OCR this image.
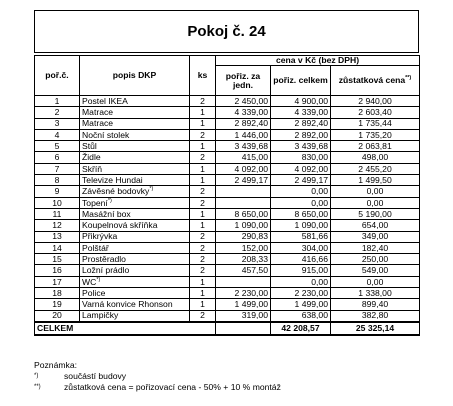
Pokoj č. 24
poř.č.	popis DKP	ks	cena v Kč (bez DPH)		
			pořiz. za jedn.	pořiz. celkem	zůstatková cena**)
1	Postel IKEA	2	2 450,00	4 900,00	2 940,00
2	Matrace	1	4 339,00	4 339,00	2 603,40
3	Matrace	1	2 892,40	2 892,40	1 735,44
4	Noční stolek	2	1 446,00	2 892,00	1 735,20
5	Stůl	1	3 439,68	3 439,68	2 063,81
6	Židle	2	415,00	830,00	498,00
7	Skříň	1	4 092,00	4 092,00	2 455,20
8	Televize Hundai	1	2 499,17	2 499,17	1 499,50
9	Závěsné bodovky*)	2		0,00	0,00
10	Topení*)	2		0,00	0,00
11	Masážní box	1	8 650,00	8 650,00	5 190,00
12	Koupelnová skříňka	1	1 090,00	1 090,00	654,00
13	Přikrývka	2	290,83	581,66	349,00
14	Polštář	2	152,00	304,00	182,40
15	Prostěradlo	2	208,33	416,66	250,00
16	Ložní prádlo	2	457,50	915,00	549,00
17	WC*)	1		0,00	0,00
18	Police	1	2 230,00	2 230,00	1 338,00
19	Varná konvice Rhonson	1	1 499,00	1 499,00	899,40
20	Lampičky	2	319,00	638,00	382,80
CELKEM				42 208,57	25 325,14
Poznámka:
*)	součástí budovy
**)	zůstatková cena = pořizovací cena - 50% + 10 % montáž
